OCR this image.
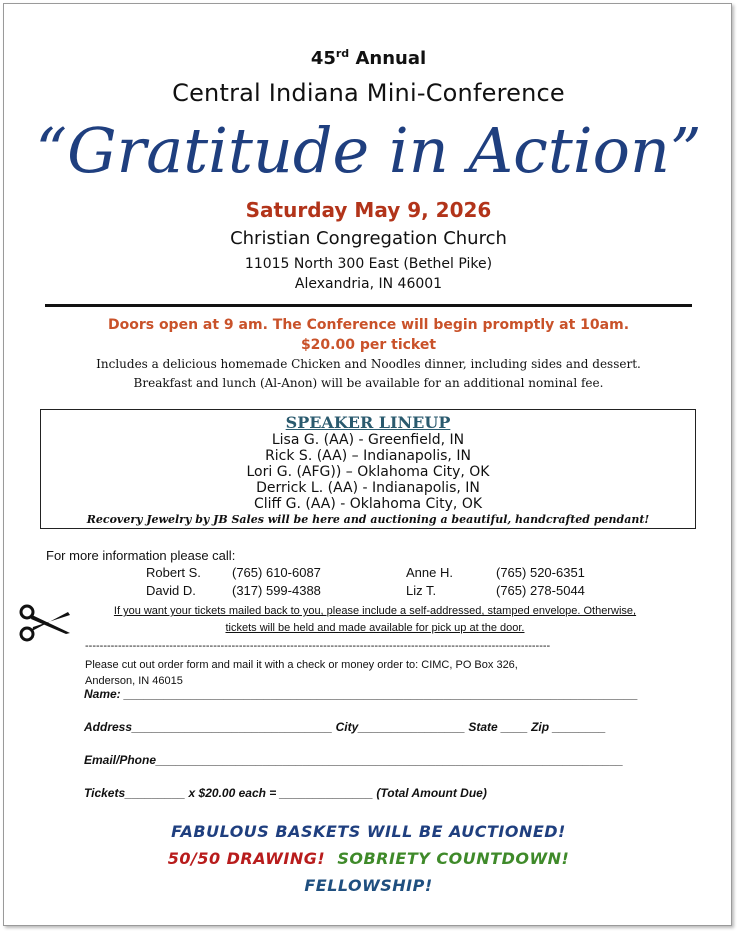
45rd Annual
Central Indiana Mini-Conference
“Gratitude in Action”
Saturday May 9, 2026
Christian Congregation Church
11015 North 300 East (Bethel Pike)
Alexandria, IN 46001
Doors open at 9 am. The Conference will begin promptly at 10am.
$20.00 per ticket
Includes a delicious homemade Chicken and Noodles dinner, including sides and dessert.
Breakfast and lunch (Al-Anon) will be available for an additional nominal fee.
SPEAKER LINEUP
Lisa G. (AA) - Greenfield, IN
Rick S. (AA) – Indianapolis, IN
Lori G. (AFG)) – Oklahoma City, OK
Derrick L. (AA) - Indianapolis, IN
Cliff G. (AA) - Oklahoma City, OK
Recovery Jewelry by JB Sales will be here and auctioning a beautiful, handcrafted pendant!
For more information please call:
Robert S. (765) 610-6087	Anne H.	(765) 520-6351
David D.	(317) 599-4388	Liz T.	(765) 278-5044
If you want your tickets mailed back to you, please include a self-addressed, stamped envelope. Otherwise,
tickets will be held and made available for pick up at the door.
-------------------------------------------------------------------------------------------------------------------------------
Please cut out order form and mail it with a check or money order to: CIMC, PO Box 326,
Anderson, IN 46015
Name: _____________________________________________________________________________
Address______________________________ City________________ State ____ Zip ________
Email/Phone______________________________________________________________________
Tickets_________ x $20.00 each = ______________ (Total Amount Due)
FABULOUS BASKETS WILL BE AUCTIONED!
50/50 DRAWING! SOBRIETY COUNTDOWN!
FELLOWSHIP!
